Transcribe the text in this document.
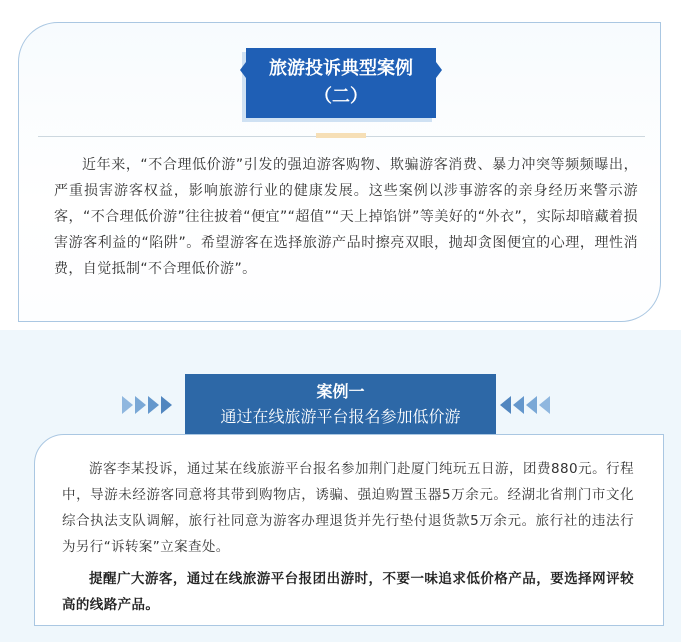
旅游投诉典型案例
（二）

近年来，“不合理低价游”引发的强迫游客购物、欺骗游客消费、暴力冲突等频频曝出，严重损害游客权益，影响旅游行业的健康发展。这些案例以涉事游客的亲身经历来警示游客，“不合理低价游”往往披着“便宜”“超值”“天上掉馅饼”等美好的“外衣”，实际却暗藏着损害游客利益的“陷阱”。希望游客在选择旅游产品时擦亮双眼，抛却贪图便宜的心理，理性消费，自觉抵制“不合理低价游”。

案例一
通过在线旅游平台报名参加低价游

游客李某投诉，通过某在线旅游平台报名参加荆门赴厦门纯玩五日游，团费880元。行程中，导游未经游客同意将其带到购物店，诱骗、强迫购置玉器5万余元。经湖北省荆门市文化综合执法支队调解，旅行社同意为游客办理退货并先行垫付退货款5万余元。旅行社的违法行为另行“诉转案”立案查处。

提醒广大游客，通过在线旅游平台报团出游时，不要一味追求低价格产品，要选择网评较高的线路产品。
